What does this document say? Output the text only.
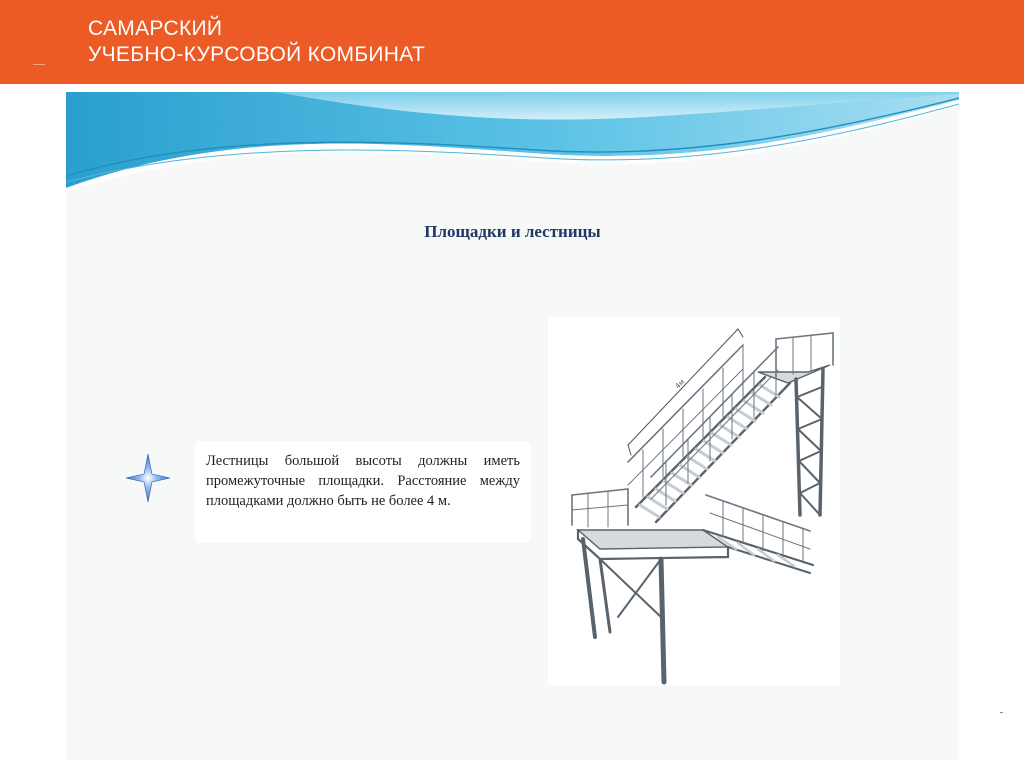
САМАРСКИЙ
УЧЕБНО-КУРСОВОЙ КОМБИНАТ
Площадки и лестницы
Лестницы большой высоты должны иметь промежуточные площадки. Расстояние между площадками должно быть не более 4 м.
4м
